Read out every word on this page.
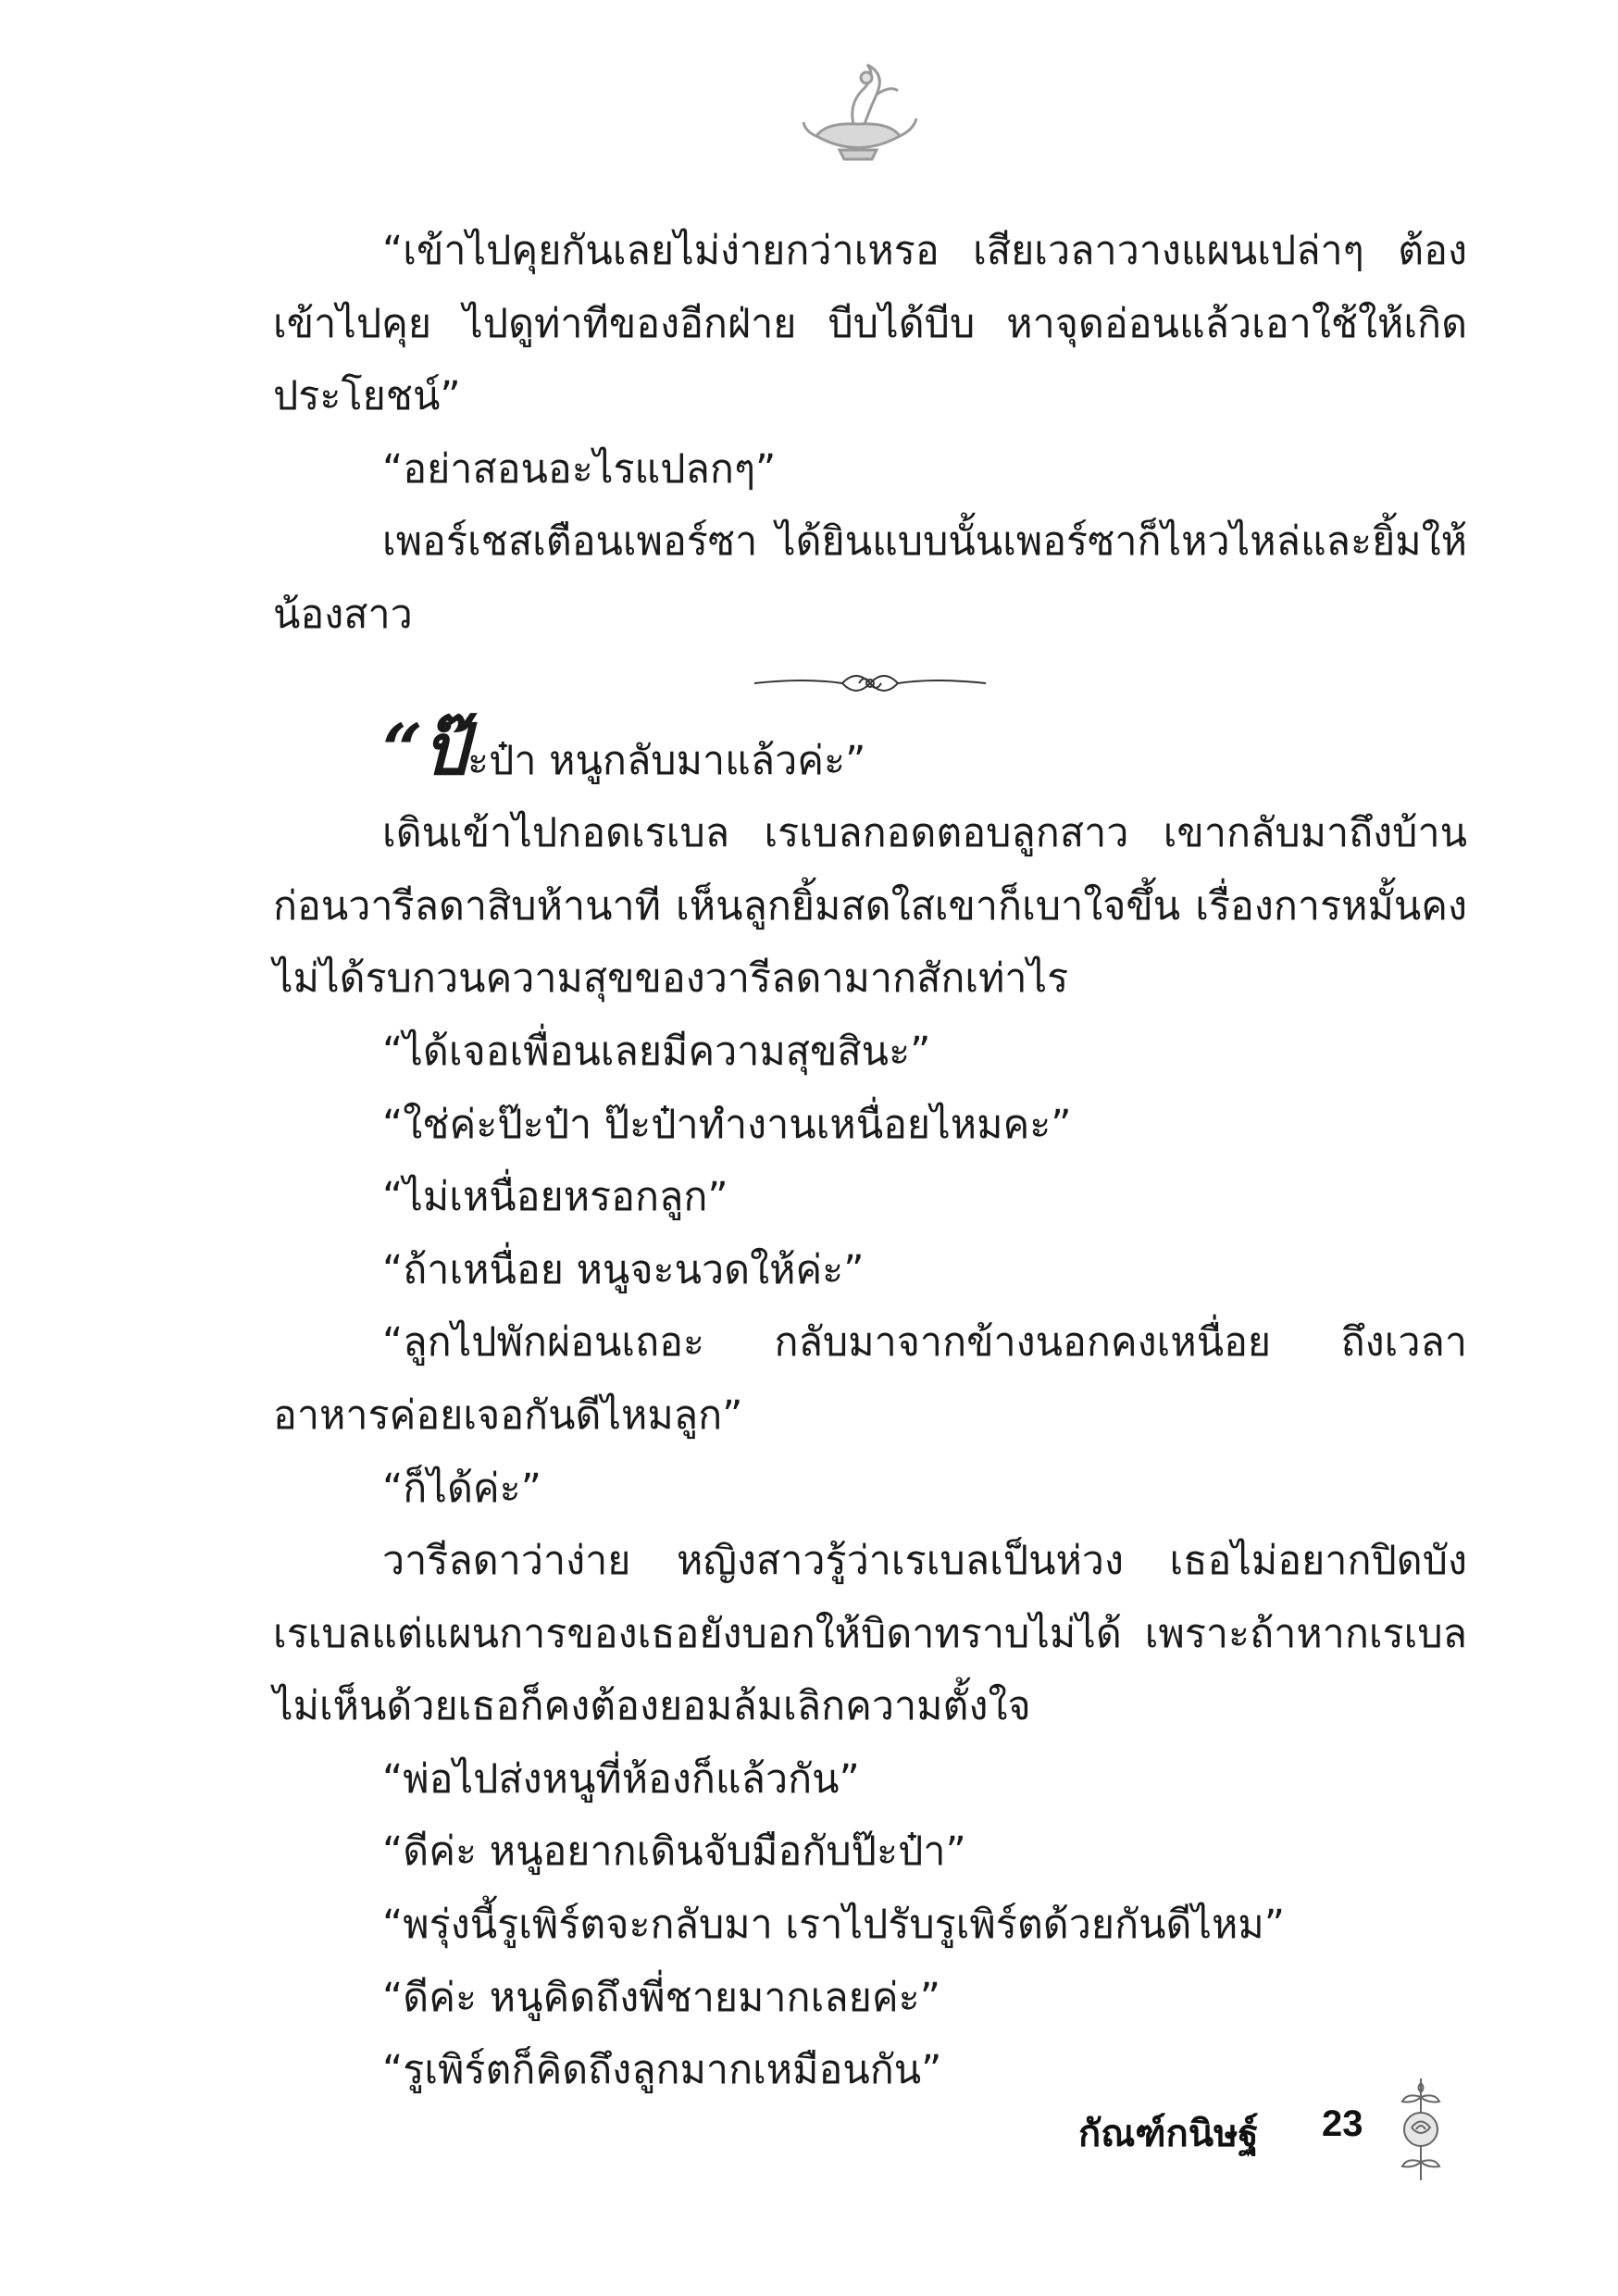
“เข้าไปคุยกันเลยไม่ง่ายกว่าเหรอ เสียเวลาวางแผนเปล่าๆ ต้องเข้าไปคุย ไปดูท่าทีของอีกฝ่าย บีบได้บีบ หาจุดอ่อนแล้วเอาใช้ให้เกิดประโยชน์”

“อย่าสอนอะไรแปลกๆ”

เพอร์เชสเตือนเพอร์ซา ได้ยินแบบนั้นเพอร์ซาก็ไหวไหล่และยิ้มให้น้องสาว

“ป๊ะป๋า หนูกลับมาแล้วค่ะ”

เดินเข้าไปกอดเรเบล เรเบลกอดตอบลูกสาว เขากลับมาถึงบ้านก่อนวารีลดาสิบห้านาที เห็นลูกยิ้มสดใสเขาก็เบาใจขึ้น เรื่องการหมั้นคงไม่ได้รบกวนความสุขของวารีลดามากสักเท่าไร

“ได้เจอเพื่อนเลยมีความสุขสินะ”

“ใช่ค่ะป๊ะป๋า ป๊ะป๋าทำงานเหนื่อยไหมคะ”

“ไม่เหนื่อยหรอกลูก”

“ถ้าเหนื่อย หนูจะนวดให้ค่ะ”

“ลูกไปพักผ่อนเถอะ กลับมาจากข้างนอกคงเหนื่อย ถึงเวลาอาหารค่อยเจอกันดีไหมลูก”

“ก็ได้ค่ะ”

วารีลดาว่าง่าย หญิงสาวรู้ว่าเรเบลเป็นห่วง เธอไม่อยากปิดบังเรเบลแต่แผนการของเธอยังบอกให้บิดาทราบไม่ได้ เพราะถ้าหากเรเบลไม่เห็นด้วยเธอก็คงต้องยอมล้มเลิกความตั้งใจ

“พ่อไปส่งหนูที่ห้องก็แล้วกัน”

“ดีค่ะ หนูอยากเดินจับมือกับป๊ะป๋า”

“พรุ่งนี้รูเพิร์ตจะกลับมา เราไปรับรูเพิร์ตด้วยกันดีไหม”

“ดีค่ะ หนูคิดถึงพี่ชายมากเลยค่ะ”

“รูเพิร์ตก็คิดถึงลูกมากเหมือนกัน”

กัณฑ์กนิษฐ์ 23
